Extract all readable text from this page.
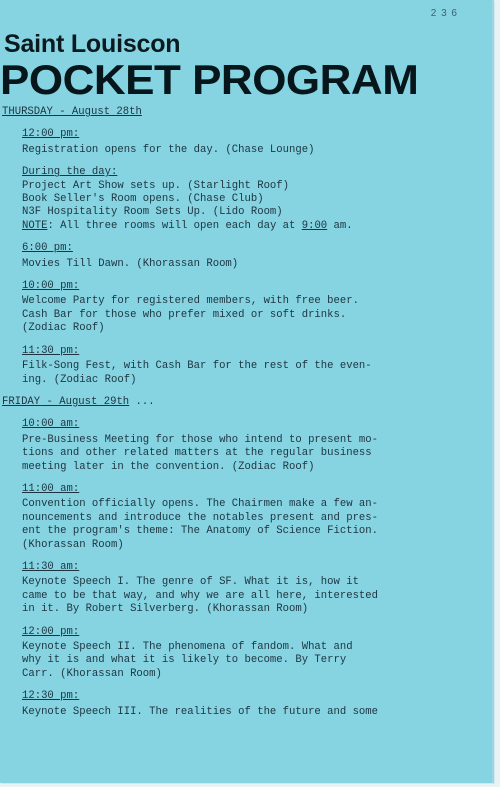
2 3 6
Saint Louiscon
POCKET PROGRAM
THURSDAY - August 28th
12:00 pm:
Registration opens for the day. (Chase Lounge)
During the day:
Project Art Show sets up. (Starlight Roof)
Book Seller's Room opens. (Chase Club)
N3F Hospitality Room Sets Up. (Lido Room)
NOTE: All three rooms will open each day at 9:00 am.
6:00 pm:
Movies Till Dawn. (Khorassan Room)
10:00 pm:
Welcome Party for registered members, with free beer.
Cash Bar for those who prefer mixed or soft drinks.
(Zodiac Roof)
11:30 pm:
Filk-Song Fest, with Cash Bar for the rest of the even-
ing. (Zodiac Roof)
FRIDAY - August 29th ...
10:00 am:
Pre-Business Meeting for those who intend to present mo-
tions and other related matters at the regular business
meeting later in the convention. (Zodiac Roof)
11:00 am:
Convention officially opens. The Chairmen make a few an-
nouncements and introduce the notables present and pres-
ent the program's theme: The Anatomy of Science Fiction.
(Khorassan Room)
11:30 am:
Keynote Speech I. The genre of SF. What it is, how it
came to be that way, and why we are all here, interested
in it. By Robert Silverberg. (Khorassan Room)
12:00 pm:
Keynote Speech II. The phenomena of fandom. What and
why it is and what it is likely to become. By Terry
Carr. (Khorassan Room)
12:30 pm:
Keynote Speech III. The realities of the future and some
